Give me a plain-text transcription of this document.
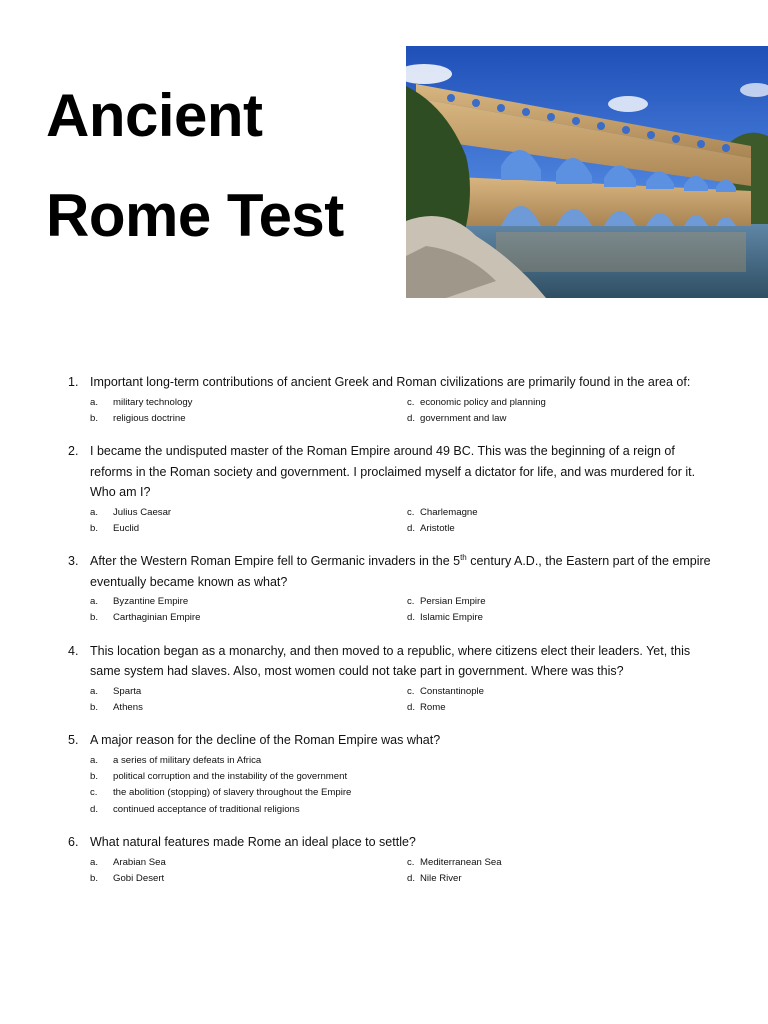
Ancient
Rome Test
1. Important long-term contributions of ancient Greek and Roman civilizations are primarily found in the area of:
a.	military technology	c. economic policy and planning
b.	religious doctrine	d. government and law
2. I became the undisputed master of the Roman Empire around 49 BC. This was the beginning of a reign of reforms in the Roman society and government. I proclaimed myself a dictator for life, and was murdered for it. Who am I?
a.	Julius Caesar	c. Charlemagne
b.	Euclid	d. Aristotle
3. After the Western Roman Empire fell to Germanic invaders in the 5th century A.D., the Eastern part of the empire eventually became known as what?
a.	Byzantine Empire	c. Persian Empire
b.	Carthaginian Empire	d. Islamic Empire
4. This location began as a monarchy, and then moved to a republic, where citizens elect their leaders. Yet, this same system had slaves. Also, most women could not take part in government. Where was this?
a.	Sparta	c. Constantinople
b.	Athens	d. Rome
5. A major reason for the decline of the Roman Empire was what?
a.	a series of military defeats in Africa
b.	political corruption and the instability of the government
c.	the abolition (stopping) of slavery throughout the Empire
d.	continued acceptance of traditional religions
6. What natural features made Rome an ideal place to settle?
a.	Arabian Sea	c. Mediterranean Sea
b.	Gobi Desert	d. Nile River
